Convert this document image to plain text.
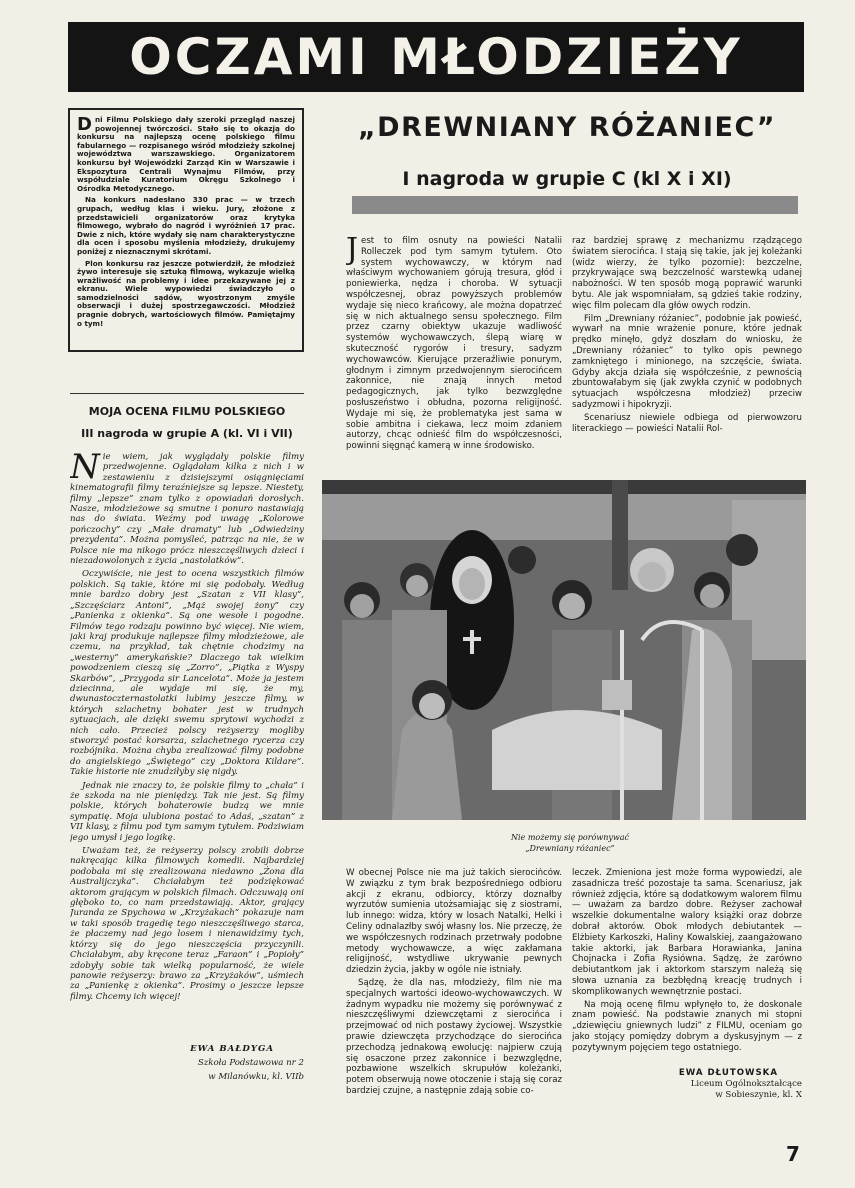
OCZAMI MŁODZIEŻY

Dni Filmu Polskiego dały szeroki przegląd naszej powojennej twórczości. Stało się to okazją do konkursu na najlepszą ocenę polskiego filmu fabularnego — rozpisanego wśród młodzieży szkolnej województwa warszawskiego. Organizatorem konkursu był Wojewódzki Zarząd Kin w Warszawie i Ekspozytura Centrali Wynajmu Filmów, przy współudziale Kuratorium Okręgu Szkolnego i Ośrodka Metodycznego.

Na konkurs nadesłano 330 prac — w trzech grupach, według klas i wieku. Jury, złożone z przedstawicieli organizatorów oraz krytyka filmowego, wybrało do nagród i wyróżnień 17 prac. Dwie z nich, które wydały się nam charakterystyczne dla ocen i sposobu myślenia młodzieży, drukujemy poniżej z nieznacznymi skrótami.

Plon konkursu raz jeszcze potwierdził, że młodzież żywo interesuje się sztuką filmową, wykazuje wielką wrażliwość na problemy i idee przekazywane jej z ekranu. Wiele wypowiedzi świadczyło o samodzielności sądów, wyostrzonym zmyśle obserwacji i dużej spostrzegawczości. Młodzież pragnie dobrych, wartościowych filmów. Pamiętajmy o tym!

„DREWNIANY RÓŻANIEC”
I nagroda w grupie C (kl X i XI)
MOJA OCENA FILMU POLSKIEGO
III nagroda w grupie A (kl. VI i VII)

Nie wiem, jak wyglądały polskie filmy przedwojenne. Oglądałam kilka z nich i w zestawieniu z dzisiejszymi osiągnięciami kinematografii filmy teraźniejsze są lepsze. Niestety, filmy „lepsze” znam tylko z opowiadań dorosłych. Nasze, młodzieżowe są smutne i ponuro nastawiają nas do świata. Weźmy pod uwagę „Kolorowe pończochy” czy „Małe dramaty” lub „Odwiedziny prezydenta”. Można pomyśleć, patrząc na nie, że w Polsce nie ma nikogo prócz nieszczęśliwych dzieci i niezadowolonych z życia „nastolatków”.

Oczywiście, nie jest to ocena wszystkich filmów polskich. Są takie, które mi się podobały. Według mnie bardzo dobry jest „Szatan z VII klasy”, „Szczęściarz Antoni”, „Mąż swojej żony” czy „Panienka z okienka”. Są one wesołe i pogodne. Filmów tego rodzaju powinno być więcej. Nie wiem, jaki kraj produkuje najlepsze filmy młodzieżowe, ale czemu, na przykład, tak chętnie chodzimy na „westerny” amerykańskie? Dlaczego tak wielkim powodzeniem cieszą się „Zorro”, „Piątka z Wyspy Skarbów”, „Przygoda sir Lancelota”. Może ja jestem dziecinna, ale wydaje mi się, że my, dwunastoczternastolatki lubimy jeszcze filmy, w których szlachetny bohater jest w trudnych sytuacjach, ale dzięki swemu sprytowi wychodzi z nich cało. Przecież polscy reżyserzy mogliby stworzyć postać korsarza, szlachetnego rycerza czy rozbójnika. Można chyba zrealizować filmy podobne do angielskiego „Świętego” czy „Doktora Kildare”. Takie historie nie znudziłyby się nigdy.

Jednak nie znaczy to, że polskie filmy to „chała” i że szkoda na nie pieniędzy. Tak nie jest. Są filmy polskie, których bohaterowie budzą we mnie sympatię. Moja ulubiona postać to Adaś, „szatan” z VII klasy, z filmu pod tym samym tytułem. Podziwiam jego umysł i jego logikę.

Uważam też, że reżyserzy polscy zrobili dobrze nakręcając kilka filmowych komedii. Najbardziej podobała mi się zrealizowana niedawno „Żona dla Australijczyka”. Chciałabym też podziękować aktorom grającym w polskich filmach. Odczuwają oni głęboko to, co nam przedstawiają. Aktor, grający Juranda ze Spychowa w „Krzyżakach” pokazuje nam w taki sposób tragedię tego nieszczęśliwego starca, że płaczemy nad jego losem i nienawidzimy tych, którzy się do jego nieszczęścia przyczynili. Chciałabym, aby kręcone teraz „Faraon” i „Popioły” zdobyły sobie tak wielką popularność, że wiele panowie reżyserzy: brawo za „Krzyżaków”, uśmiech za „Panienkę z okienka”. Prosimy o jeszcze lepsze filmy. Chcemy ich więcej!

EWA BAŁDYGA
Szkoła Podstawowa nr 2
w Milanówku, kl. VIIb

Jest to film osnuty na powieści Natalii Rolleczek pod tym samym tytułem. Oto system wychowawczy, w którym nad właściwym wychowaniem górują tresura, głód i poniewierka, nędza i choroba. W sytuacji współczesnej, obraz powyższych problemów wydaje się nieco krańcowy, ale można dopatrzeć się w nich aktualnego sensu społecznego. Film przez czarny obiektyw ukazuje wadliwość systemów wychowawczych, ślepą wiarę w skuteczność rygorów i tresury, sadyzm wychowawców. Kierujące przeraźliwie ponurym, głodnym i zimnym przedwojennym sierocińcem zakonnice, nie znają innych metod pedagogicznych, jak tylko bezwzględne posłuszeństwo i obłudna, pozorna religijność. Wydaje mi się, że problematyka jest sama w sobie ambitna i ciekawa, lecz moim zdaniem autorzy, chcąc odnieść film do współczesności, powinni sięgnąć kamerą w inne środowisko.

raz bardziej sprawę z mechanizmu rządzącego światem sierocińca. I stają się takie, jak jej koleżanki (widz wierzy, że tylko pozornie): bezczelne, przykrywające swą bezczelność warstewką udanej nabożności. W ten sposób mogą poprawić warunki bytu. Ale jak wspomniałam, są gdzieś takie rodziny, więc film polecam dla głów owych rodzin.

Film „Drewniany różaniec”, podobnie jak powieść, wywarł na mnie wrażenie ponure, które jednak prędko minęło, gdyż doszłam do wniosku, że „Drewniany różaniec” to tylko opis pewnego zamkniętego i minionego, na szczęście, świata. Gdyby akcja działa się współcześnie, z pewnością zbuntowałabym się (jak zwykła czynić w podobnych sytuacjach współczesna młodzież) przeciw sadyzmowi i hipokryzji.

Scenariusz niewiele odbiega od pierwowzoru literackiego — powieści Natalii Rol-

Nie możemy się porównywać
„Drewniany różaniec”

W obecnej Polsce nie ma już takich sierocińców. W związku z tym brak bezpośredniego odbioru akcji z ekranu, odbiorcy, którzy doznałby wyrzutów sumienia utożsamiając się z siostrami, lub innego: widza, który w losach Natalki, Helki i Celiny odnalazłby swój własny los. Nie przeczę, że we współczesnych rodzinach przetrwały podobne metody wychowawcze, a więc zakłamana religijność, wstydliwe ukrywanie pewnych dziedzin życia, jakby w ogóle nie istniały.

Sądzę, że dla nas, młodzieży, film nie ma specjalnych wartości ideowo-wychowawczych. W żadnym wypadku nie możemy się porównywać z nieszczęśliwymi dziewczętami z sierocińca i przejmować od nich postawy życiowej. Wszystkie prawie dziewczęta przychodzące do sierocińca przechodzą jednakową ewolucję: najpierw czują się osaczone przez zakonnice i bezwzględne, pozbawione wszelkich skrupułów koleżanki, potem obserwują nowe otoczenie i stają się coraz bardziej czujne, a następnie zdają sobie co-

leczek. Zmieniona jest może forma wypowiedzi, ale zasadnicza treść pozostaje ta sama. Scenariusz, jak również zdjęcia, które są dodatkowym walorem filmu — uważam za bardzo dobre. Reżyser zachował wszelkie dokumentalne walory książki oraz dobrze dobrał aktorów. Obok młodych debiutantek — Elżbiety Karkoszki, Haliny Kowalskiej, zaangażowano takie aktorki, jak Barbara Horawianka, Janina Chojnacka i Zofia Rysiówna. Sądzę, że zarówno debiutantkom jak i aktorkom starszym należą się słowa uznania za bezbłędną kreację trudnych i skomplikowanych wewnętrznie postaci.

Na moją ocenę filmu wpłynęło to, że doskonale znam powieść. Na podstawie znanych mi stopni „dziewięciu gniewnych ludzi” z FILMU, oceniam go jako stojący pomiędzy dobrym a dyskusyjnym — z pozytywnym pojęciem tego ostatniego.

EWA DŁUTOWSKA
Liceum Ogólnokształcące
w Sobieszynie, kl. X
7
